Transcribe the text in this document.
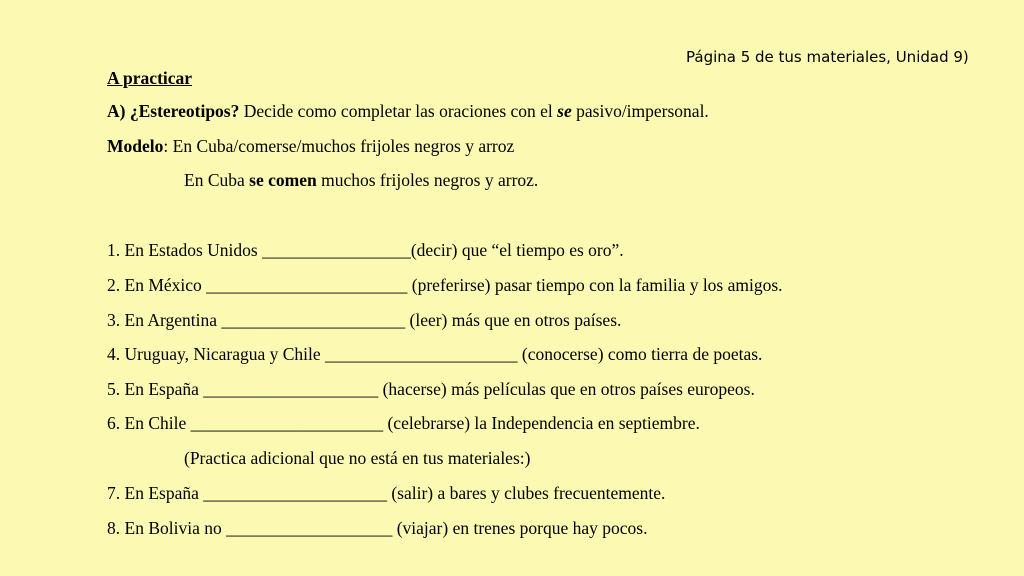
Página 5 de tus materiales, Unidad 9)
A practicar
A) ¿Estereotipos? Decide como completar las oraciones con el se pasivo/impersonal.
Modelo: En Cuba/comerse/muchos frijoles negros y arroz
En Cuba se comen muchos frijoles negros y arroz.
1. En Estados Unidos _________________(decir) que “el tiempo es oro”.
2. En México _______________________ (preferirse) pasar tiempo con la familia y los amigos.
3. En Argentina _____________________ (leer) más que en otros países.
4. Uruguay, Nicaragua y Chile ______________________ (conocerse) como tierra de poetas.
5. En España ____________________ (hacerse) más películas que en otros países europeos.
6. En Chile ______________________ (celebrarse) la Independencia en septiembre.
(Practica adicional que no está en tus materiales:)
7. En España _____________________ (salir) a bares y clubes frecuentemente.
8. En Bolivia no ___________________ (viajar) en trenes porque hay pocos.
